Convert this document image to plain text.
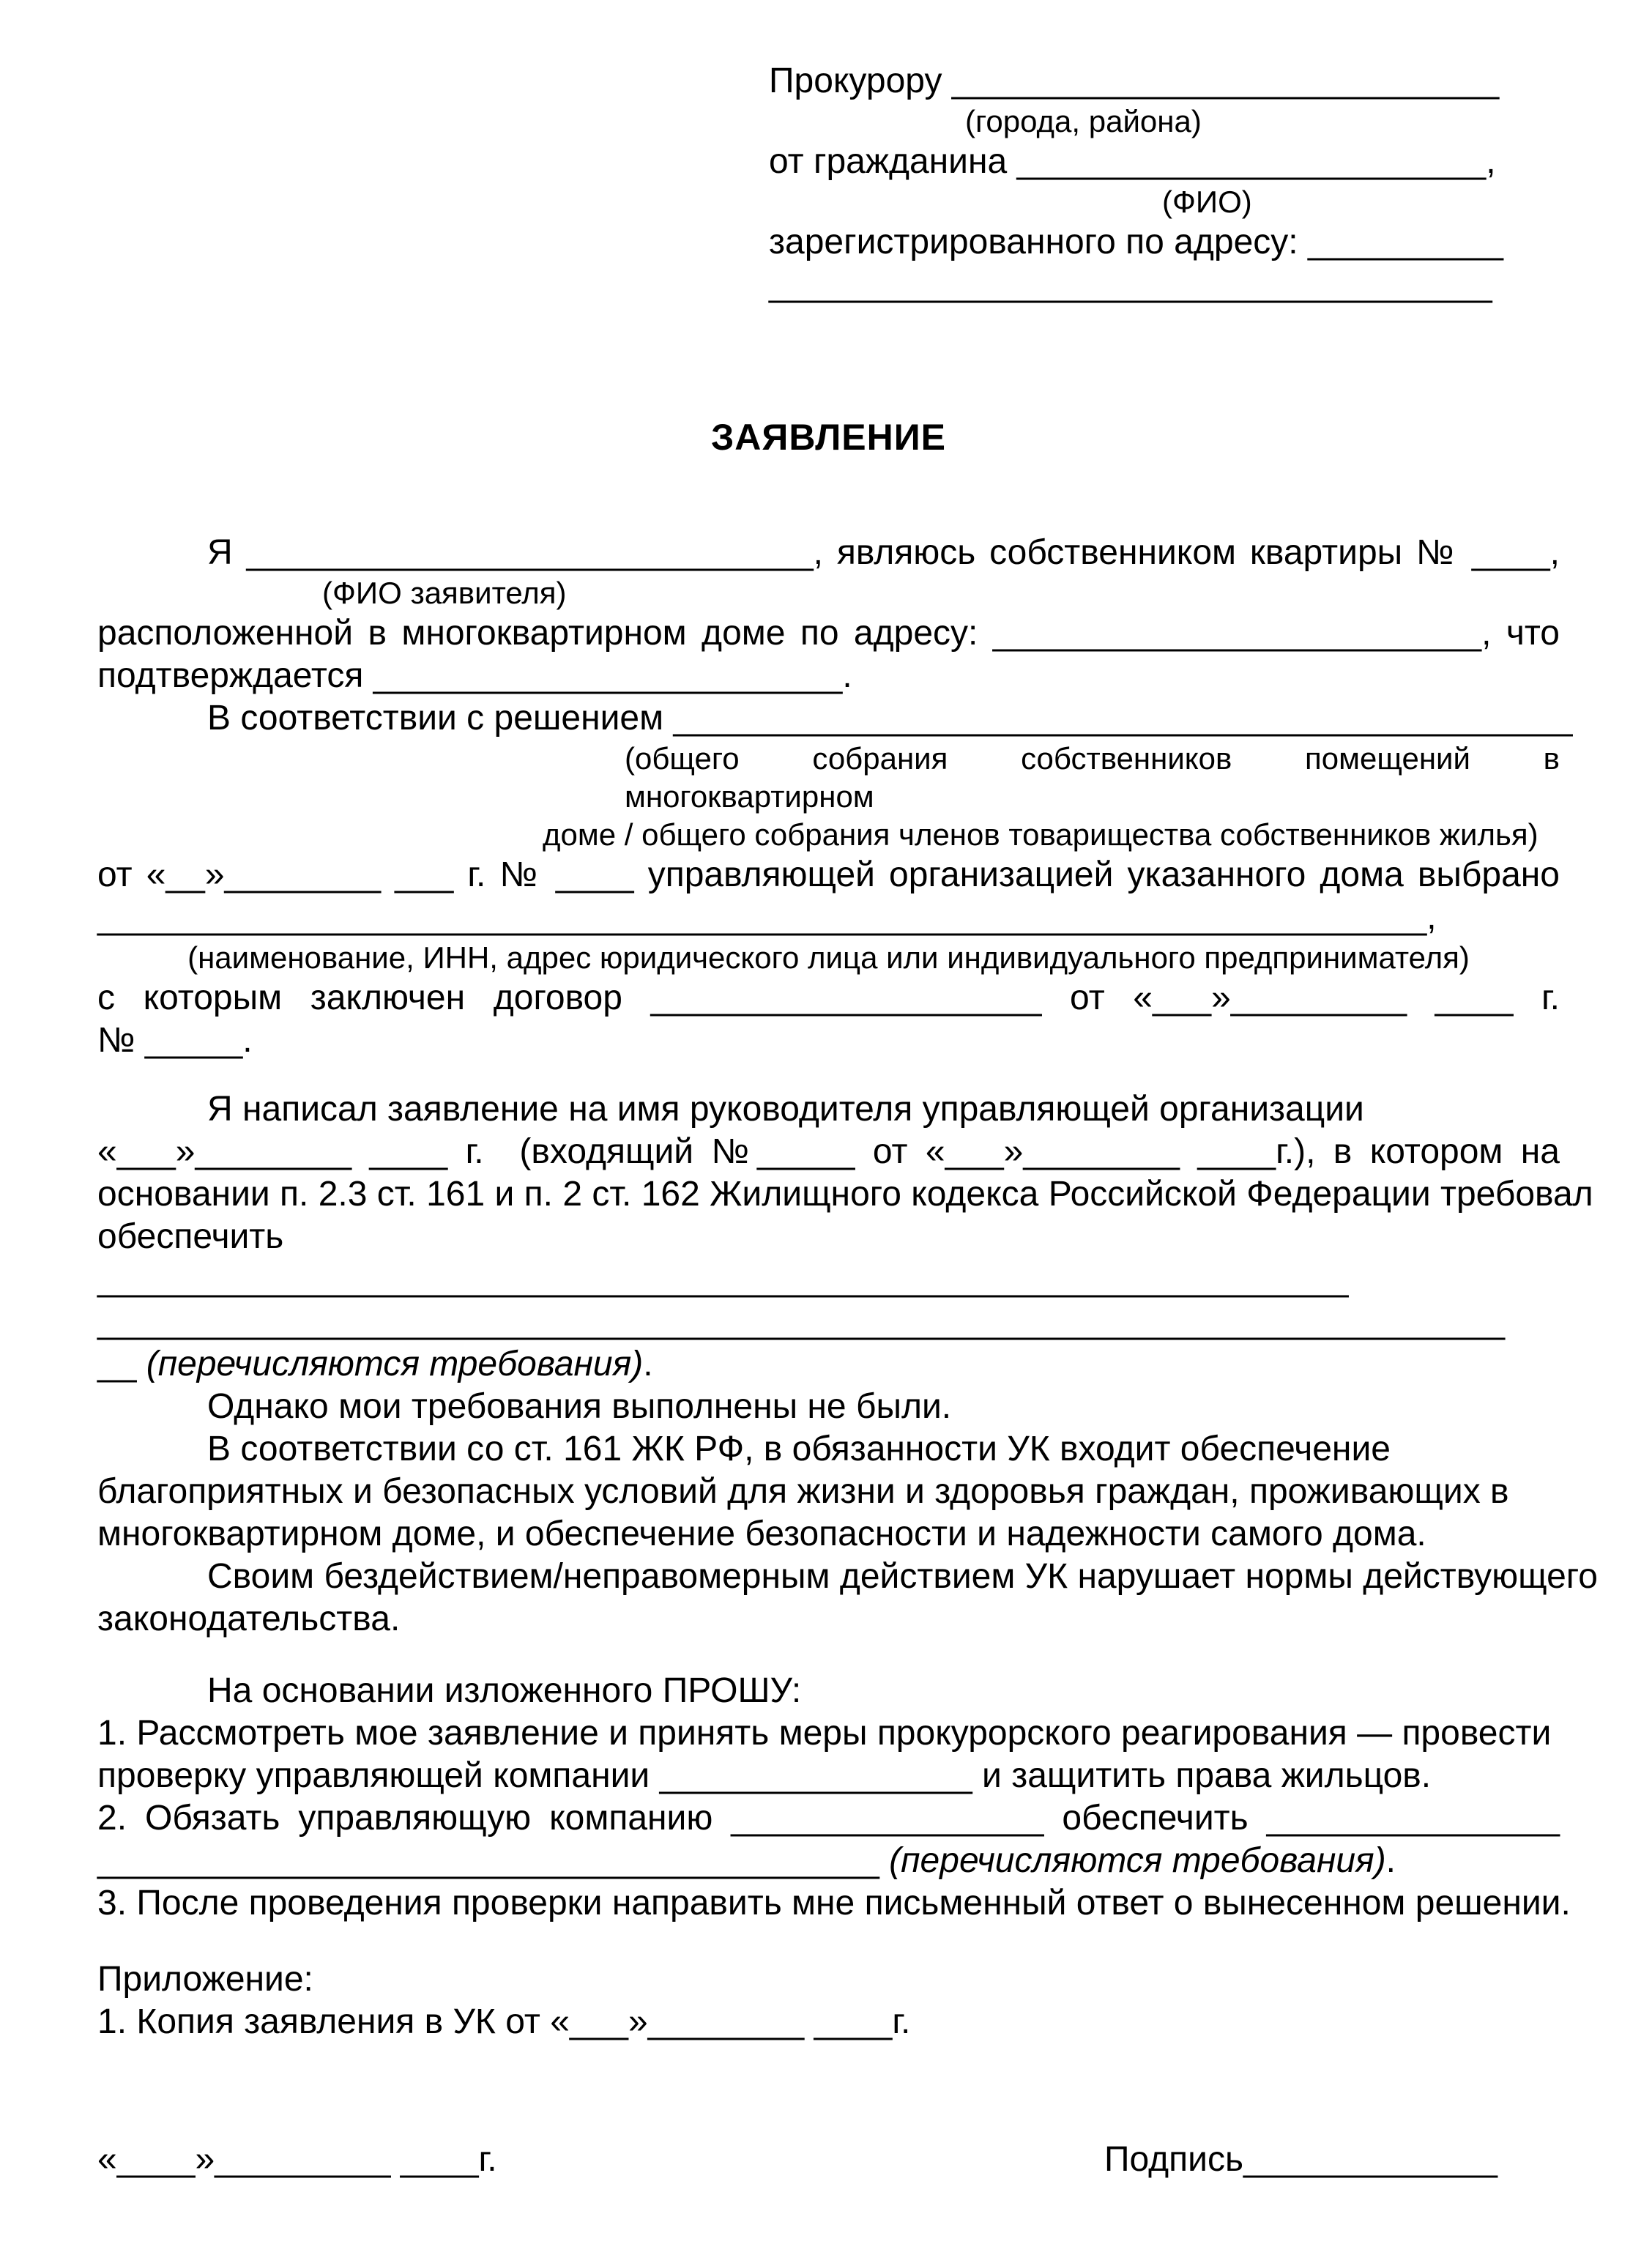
Прокурору ____________________________
(города, района)
от гражданина ________________________,
(ФИО)
зарегистрированного по адресу: __________
_____________________________________
ЗАЯВЛЕНИЕ
Я _____________________________, являюсь собственником квартиры № ____,
(ФИО заявителя)
расположенной в многоквартирном доме по адресу: _________________________, что
подтверждается ________________________.
В соответствии с решением ______________________________________________
(общего собрания собственников помещений в многоквартирном
доме / общего собрания членов товарищества собственников жилья)
от «__»________ ___ г. № ____ управляющей организацией указанного дома выбрано
____________________________________________________________________,
(наименование, ИНН, адрес юридического лица или индивидуального предпринимателя)
с которым заключен договор ____________________ от «___»_________ ____ г.
№ _____.
Я написал заявление на имя руководителя управляющей организации
«___»________ ____ г.  (входящий №_____ от «___»________ ____г.), в котором на
основании п. 2.3 ст. 161 и п. 2 ст. 162 Жилищного кодекса Российской Федерации требовал
обеспечить
________________________________________________________________
________________________________________________________________________
__ (перечисляются требования).
Однако мои требования выполнены не были.
В соответствии со ст. 161 ЖК РФ, в обязанности УК входит обеспечение
благоприятных и безопасных условий для жизни и здоровья граждан, проживающих в
многоквартирном доме, и обеспечение безопасности и надежности самого дома.
Своим бездействием/неправомерным действием УК нарушает нормы действующего
законодательства.
На основании изложенного ПРОШУ:
1. Рассмотреть мое заявление и принять меры прокурорского реагирования — провести
проверку управляющей компании ________________ и защитить права жильцов.
2. Обязать управляющую компанию ________________ обеспечить _______________
________________________________________ (перечисляются требования).
3. После проведения проверки направить мне письменный ответ о вынесенном решении.
Приложение:
1. Копия заявления в УК от «___»________ ____г.
«____»_________ ____г.	Подпись_____________
